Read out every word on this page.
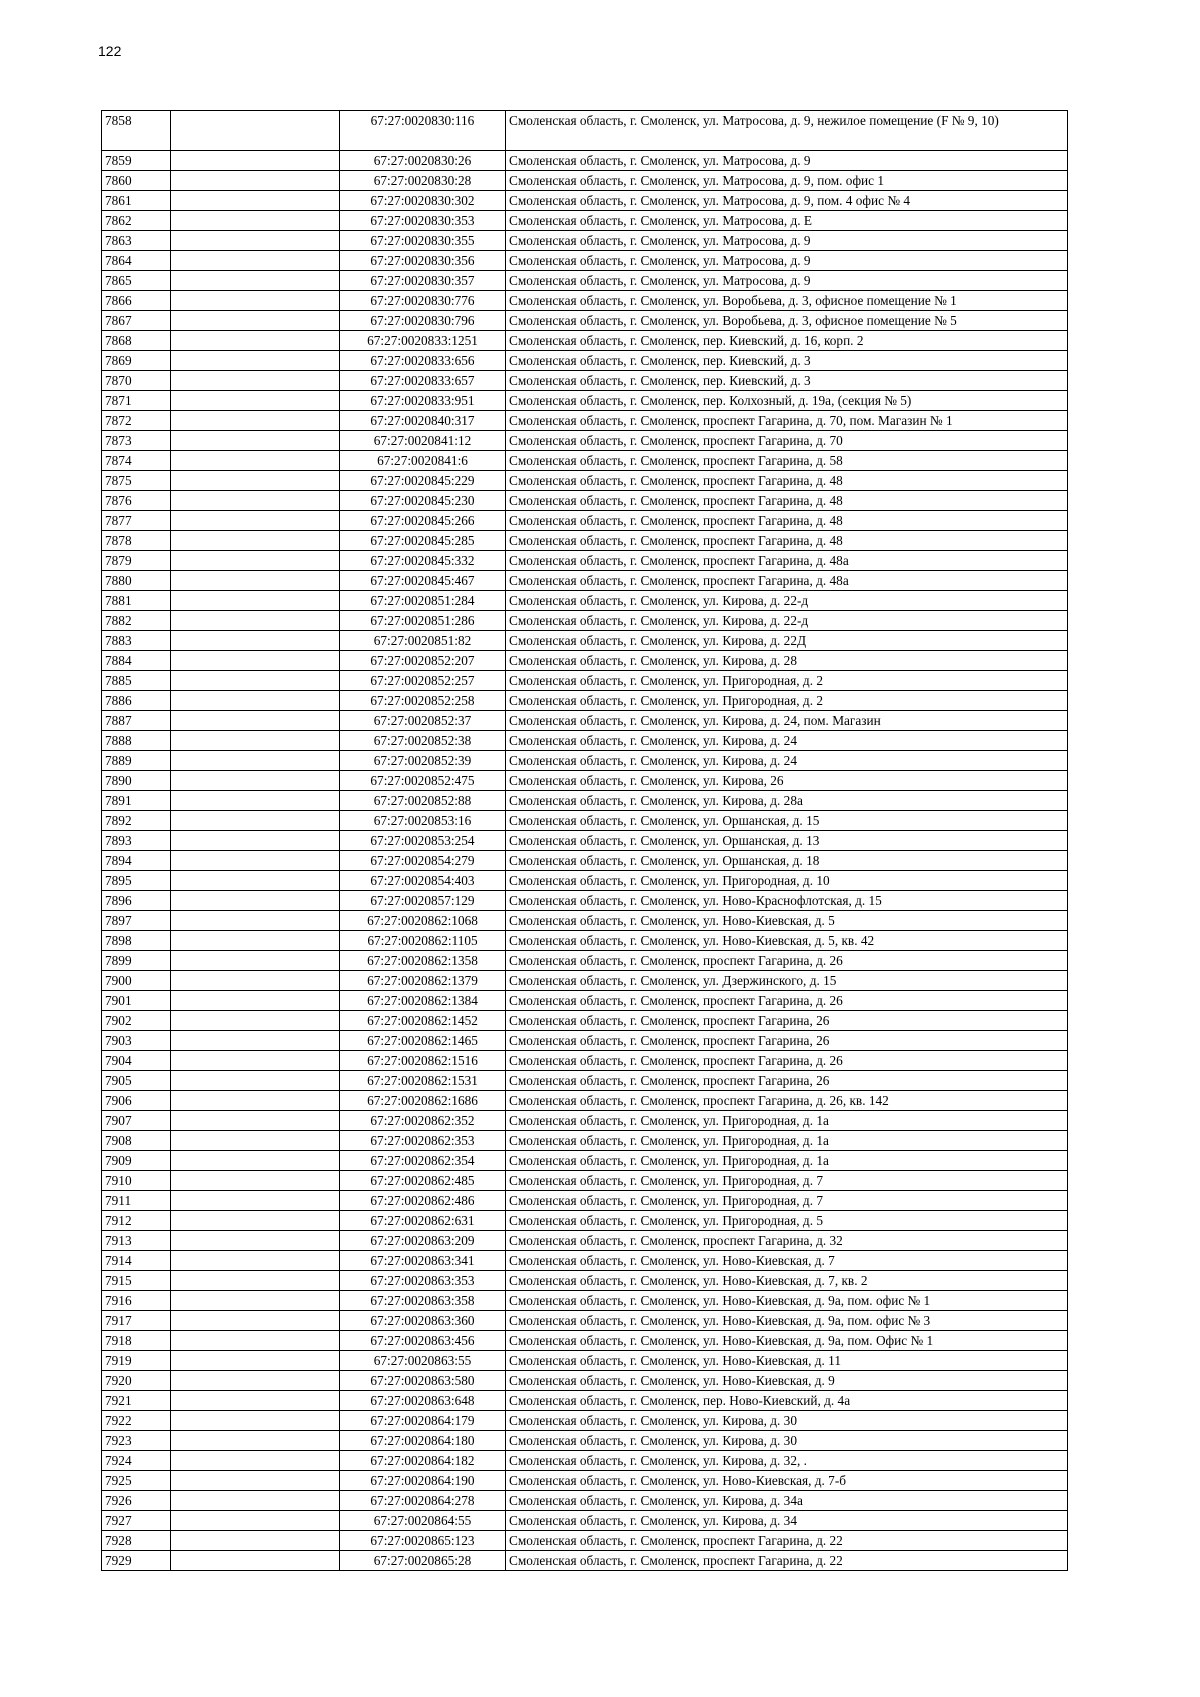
122
7858		67:27:0020830:116	Смоленская область, г. Смоленск, ул. Матросова, д. 9, нежилое помещение (F № 9, 10)
7859		67:27:0020830:26	Смоленская область, г. Смоленск, ул. Матросова, д. 9
7860		67:27:0020830:28	Смоленская область, г. Смоленск, ул. Матросова, д. 9, пом. офис 1
7861		67:27:0020830:302	Смоленская область, г. Смоленск, ул. Матросова, д. 9, пом. 4 офис № 4
7862		67:27:0020830:353	Смоленская область, г. Смоленск, ул. Матросова, д. Е
7863		67:27:0020830:355	Смоленская область, г. Смоленск, ул. Матросова, д. 9
7864		67:27:0020830:356	Смоленская область, г. Смоленск, ул. Матросова, д. 9
7865		67:27:0020830:357	Смоленская область, г. Смоленск, ул. Матросова, д. 9
7866		67:27:0020830:776	Смоленская область, г. Смоленск, ул. Воробьева, д. 3, офисное помещение № 1
7867		67:27:0020830:796	Смоленская область, г. Смоленск, ул. Воробьева, д. 3, офисное помещение № 5
7868		67:27:0020833:1251	Смоленская область, г. Смоленск, пер. Киевский, д. 16, корп. 2
7869		67:27:0020833:656	Смоленская область, г. Смоленск, пер. Киевский, д. 3
7870		67:27:0020833:657	Смоленская область, г. Смоленск, пер. Киевский, д. 3
7871		67:27:0020833:951	Смоленская область, г. Смоленск, пер. Колхозный, д. 19а, (секция № 5)
7872		67:27:0020840:317	Смоленская область, г. Смоленск, проспект Гагарина, д. 70, пом. Магазин № 1
7873		67:27:0020841:12	Смоленская область, г. Смоленск, проспект Гагарина, д. 70
7874		67:27:0020841:6	Смоленская область, г. Смоленск, проспект Гагарина, д. 58
7875		67:27:0020845:229	Смоленская область, г. Смоленск, проспект Гагарина, д. 48
7876		67:27:0020845:230	Смоленская область, г. Смоленск, проспект Гагарина, д. 48
7877		67:27:0020845:266	Смоленская область, г. Смоленск, проспект Гагарина, д. 48
7878		67:27:0020845:285	Смоленская область, г. Смоленск, проспект Гагарина, д. 48
7879		67:27:0020845:332	Смоленская область, г. Смоленск, проспект Гагарина, д. 48а
7880		67:27:0020845:467	Смоленская область, г. Смоленск, проспект Гагарина, д. 48а
7881		67:27:0020851:284	Смоленская область, г. Смоленск, ул. Кирова, д. 22-д
7882		67:27:0020851:286	Смоленская область, г. Смоленск, ул. Кирова, д. 22-д
7883		67:27:0020851:82	Смоленская область, г. Смоленск, ул. Кирова, д. 22Д
7884		67:27:0020852:207	Смоленская область, г. Смоленск, ул. Кирова, д. 28
7885		67:27:0020852:257	Смоленская область, г. Смоленск, ул. Пригородная, д. 2
7886		67:27:0020852:258	Смоленская область, г. Смоленск, ул. Пригородная, д. 2
7887		67:27:0020852:37	Смоленская область, г. Смоленск, ул. Кирова, д. 24, пом. Магазин
7888		67:27:0020852:38	Смоленская область, г. Смоленск, ул. Кирова, д. 24
7889		67:27:0020852:39	Смоленская область, г. Смоленск, ул. Кирова, д. 24
7890		67:27:0020852:475	Смоленская область, г. Смоленск, ул. Кирова, 26
7891		67:27:0020852:88	Смоленская область, г. Смоленск, ул. Кирова, д. 28а
7892		67:27:0020853:16	Смоленская область, г. Смоленск, ул. Оршанская, д. 15
7893		67:27:0020853:254	Смоленская область, г. Смоленск, ул. Оршанская, д. 13
7894		67:27:0020854:279	Смоленская область, г. Смоленск, ул. Оршанская, д. 18
7895		67:27:0020854:403	Смоленская область, г. Смоленск, ул. Пригородная, д. 10
7896		67:27:0020857:129	Смоленская область, г. Смоленск, ул. Ново-Краснофлотская, д. 15
7897		67:27:0020862:1068	Смоленская область, г. Смоленск, ул. Ново-Киевская, д. 5
7898		67:27:0020862:1105	Смоленская область, г. Смоленск, ул. Ново-Киевская, д. 5, кв. 42
7899		67:27:0020862:1358	Смоленская область, г. Смоленск, проспект Гагарина, д. 26
7900		67:27:0020862:1379	Смоленская область, г. Смоленск, ул. Дзержинского, д. 15
7901		67:27:0020862:1384	Смоленская область, г. Смоленск, проспект Гагарина, д. 26
7902		67:27:0020862:1452	Смоленская область, г. Смоленск, проспект Гагарина, 26
7903		67:27:0020862:1465	Смоленская область, г. Смоленск, проспект Гагарина, 26
7904		67:27:0020862:1516	Смоленская область, г. Смоленск, проспект Гагарина, д. 26
7905		67:27:0020862:1531	Смоленская область, г. Смоленск, проспект Гагарина, 26
7906		67:27:0020862:1686	Смоленская область, г. Смоленск, проспект Гагарина, д. 26, кв. 142
7907		67:27:0020862:352	Смоленская область, г. Смоленск, ул. Пригородная, д. 1а
7908		67:27:0020862:353	Смоленская область, г. Смоленск, ул. Пригородная, д. 1а
7909		67:27:0020862:354	Смоленская область, г. Смоленск, ул. Пригородная, д. 1а
7910		67:27:0020862:485	Смоленская область, г. Смоленск, ул. Пригородная, д. 7
7911		67:27:0020862:486	Смоленская область, г. Смоленск, ул. Пригородная, д. 7
7912		67:27:0020862:631	Смоленская область, г. Смоленск, ул. Пригородная, д. 5
7913		67:27:0020863:209	Смоленская область, г. Смоленск, проспект Гагарина, д. 32
7914		67:27:0020863:341	Смоленская область, г. Смоленск, ул. Ново-Киевская, д. 7
7915		67:27:0020863:353	Смоленская область, г. Смоленск, ул. Ново-Киевская, д. 7, кв. 2
7916		67:27:0020863:358	Смоленская область, г. Смоленск, ул. Ново-Киевская, д. 9а, пом. офис № 1
7917		67:27:0020863:360	Смоленская область, г. Смоленск, ул. Ново-Киевская, д. 9а, пом. офис № 3
7918		67:27:0020863:456	Смоленская область, г. Смоленск, ул. Ново-Киевская, д. 9а, пом. Офис № 1
7919		67:27:0020863:55	Смоленская область, г. Смоленск, ул. Ново-Киевская, д. 11
7920		67:27:0020863:580	Смоленская область, г. Смоленск, ул. Ново-Киевская, д. 9
7921		67:27:0020863:648	Смоленская область, г. Смоленск, пер. Ново-Киевский, д. 4а
7922		67:27:0020864:179	Смоленская область, г. Смоленск, ул. Кирова, д. 30
7923		67:27:0020864:180	Смоленская область, г. Смоленск, ул. Кирова, д. 30
7924		67:27:0020864:182	Смоленская область, г. Смоленск, ул. Кирова, д. 32, .
7925		67:27:0020864:190	Смоленская область, г. Смоленск, ул. Ново-Киевская, д. 7-б
7926		67:27:0020864:278	Смоленская область, г. Смоленск, ул. Кирова, д. 34а
7927		67:27:0020864:55	Смоленская область, г. Смоленск, ул. Кирова, д. 34
7928		67:27:0020865:123	Смоленская область, г. Смоленск, проспект Гагарина, д. 22
7929		67:27:0020865:28	Смоленская область, г. Смоленск, проспект Гагарина, д. 22
